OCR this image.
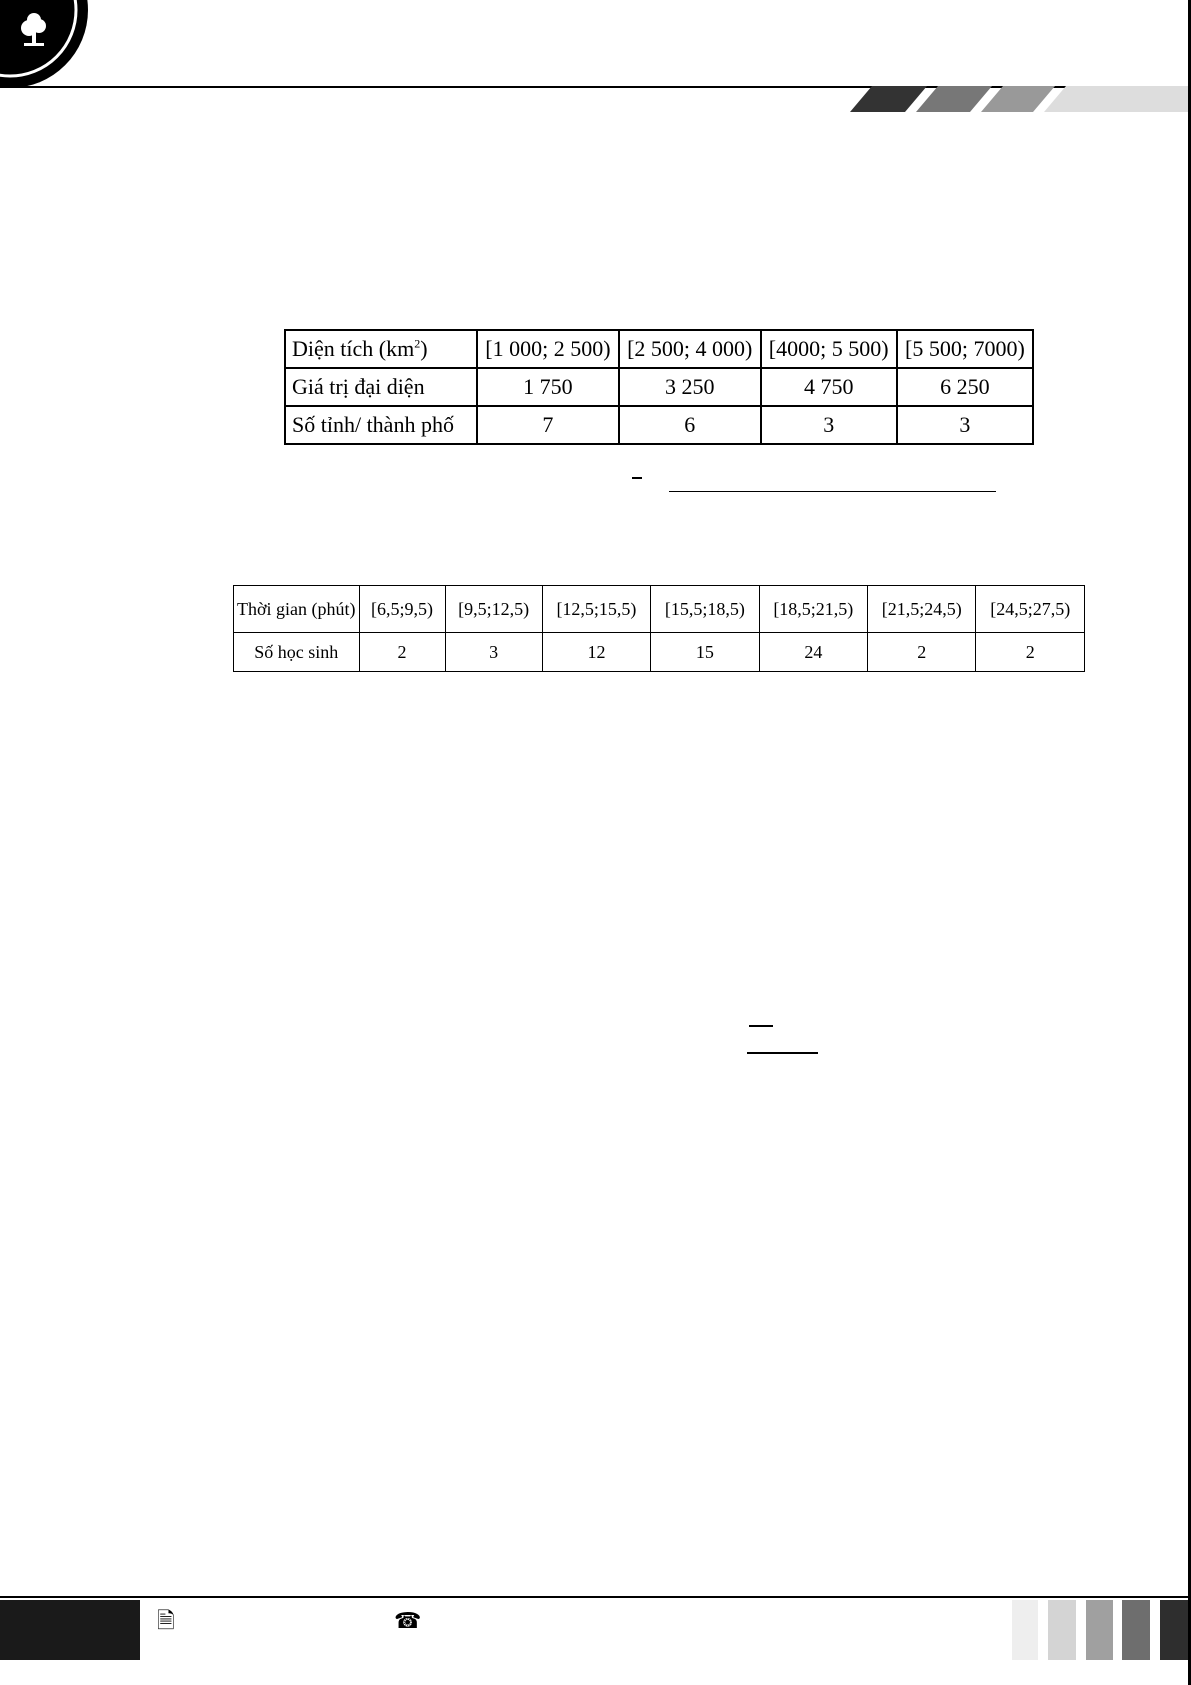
Diện tích $(km^2)$	[1 000; 2 500)	[2 500; 4 000)	[4000; 5 500)	[5 500; 7000)
Giá trị đại diện	1 750	3 250	4 750	6 250
Số tỉnh/ thành phố	7	6	3	3
Thời gian (phút)	[6,5;9,5)	[9,5;12,5)	[12,5;15,5)	[15,5;18,5)	[18,5;21,5)	[21,5;24,5)	[24,5;27,5)
Số học sinh	2	3	12	15	24	2	2
🗎	☎
